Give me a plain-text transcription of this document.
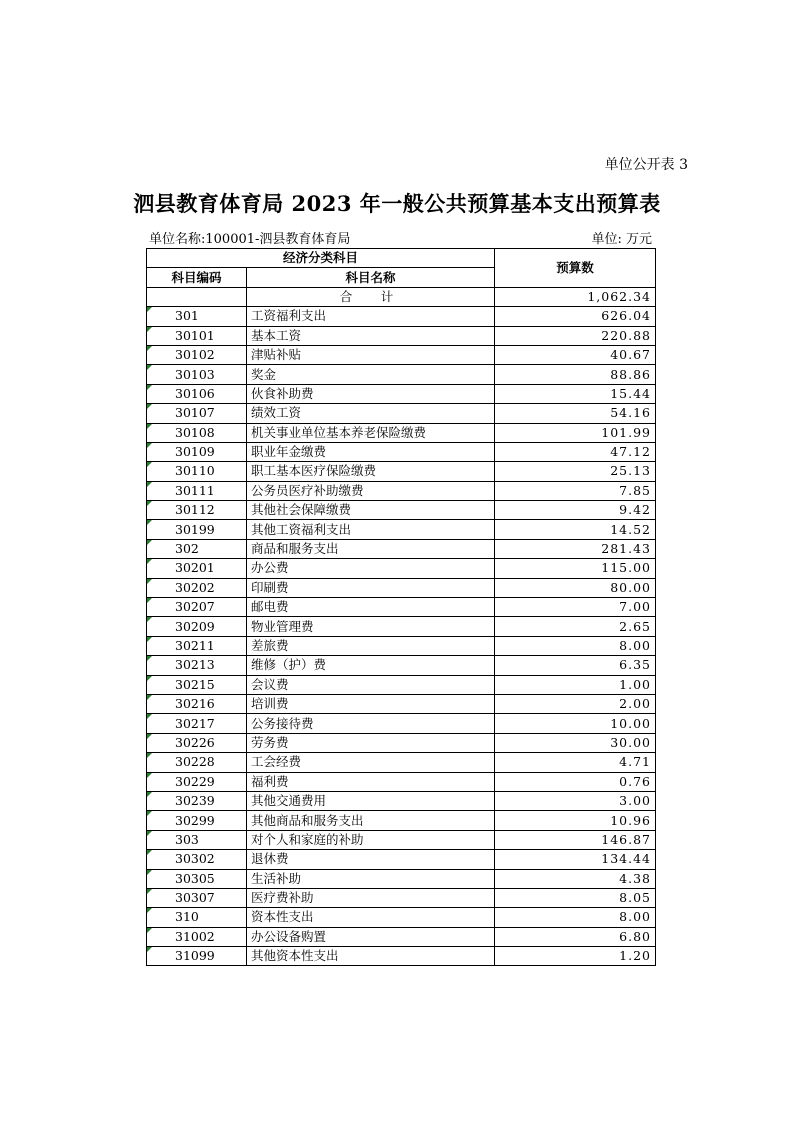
单位公开表 3
泗县教育体育局 2023 年一般公共预算基本支出预算表
单位名称:100001-泗县教育体育局	单位: 万元
经济分类科目		预算数
科目编码	科目名称	
	合　计	1,062.34
301	工资福利支出	626.04
30101	基本工资	220.88
30102	津贴补贴	40.67
30103	奖金	88.86
30106	伙食补助费	15.44
30107	绩效工资	54.16
30108	机关事业单位基本养老保险缴费	101.99
30109	职业年金缴费	47.12
30110	职工基本医疗保险缴费	25.13
30111	公务员医疗补助缴费	7.85
30112	其他社会保障缴费	9.42
30199	其他工资福利支出	14.52
302	商品和服务支出	281.43
30201	办公费	115.00
30202	印刷费	80.00
30207	邮电费	7.00
30209	物业管理费	2.65
30211	差旅费	8.00
30213	维修（护）费	6.35
30215	会议费	1.00
30216	培训费	2.00
30217	公务接待费	10.00
30226	劳务费	30.00
30228	工会经费	4.71
30229	福利费	0.76
30239	其他交通费用	3.00
30299	其他商品和服务支出	10.96
303	对个人和家庭的补助	146.87
30302	退休费	134.44
30305	生活补助	4.38
30307	医疗费补助	8.05
310	资本性支出	8.00
31002	办公设备购置	6.80
31099	其他资本性支出	1.20
